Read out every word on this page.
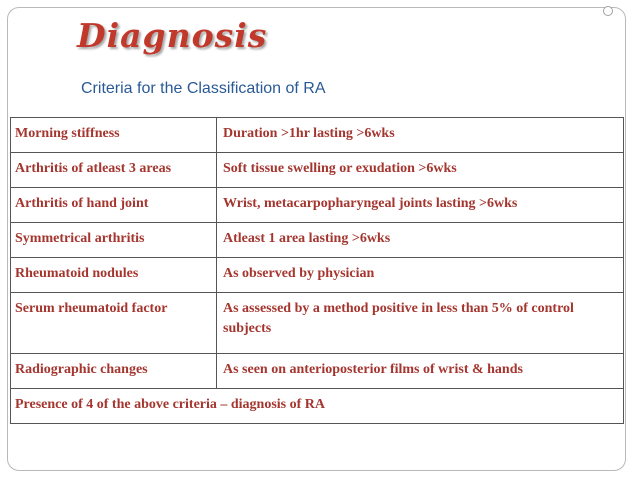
Diagnosis

Criteria for the Classification of RA

Morning stiffness	Duration >1hr lasting >6wks
Arthritis of atleast 3 areas	Soft tissue swelling or exudation >6wks
Arthritis of hand joint	Wrist, metacarpopharyngeal joints lasting >6wks
Symmetrical arthritis	Atleast 1 area lasting >6wks
Rheumatoid nodules	As observed by physician
Serum rheumatoid factor	As assessed by a method positive in less than 5% of control subjects
Radiographic changes	As seen on anterioposterior films of wrist & hands
Presence of 4 of the above criteria – diagnosis of RA	
